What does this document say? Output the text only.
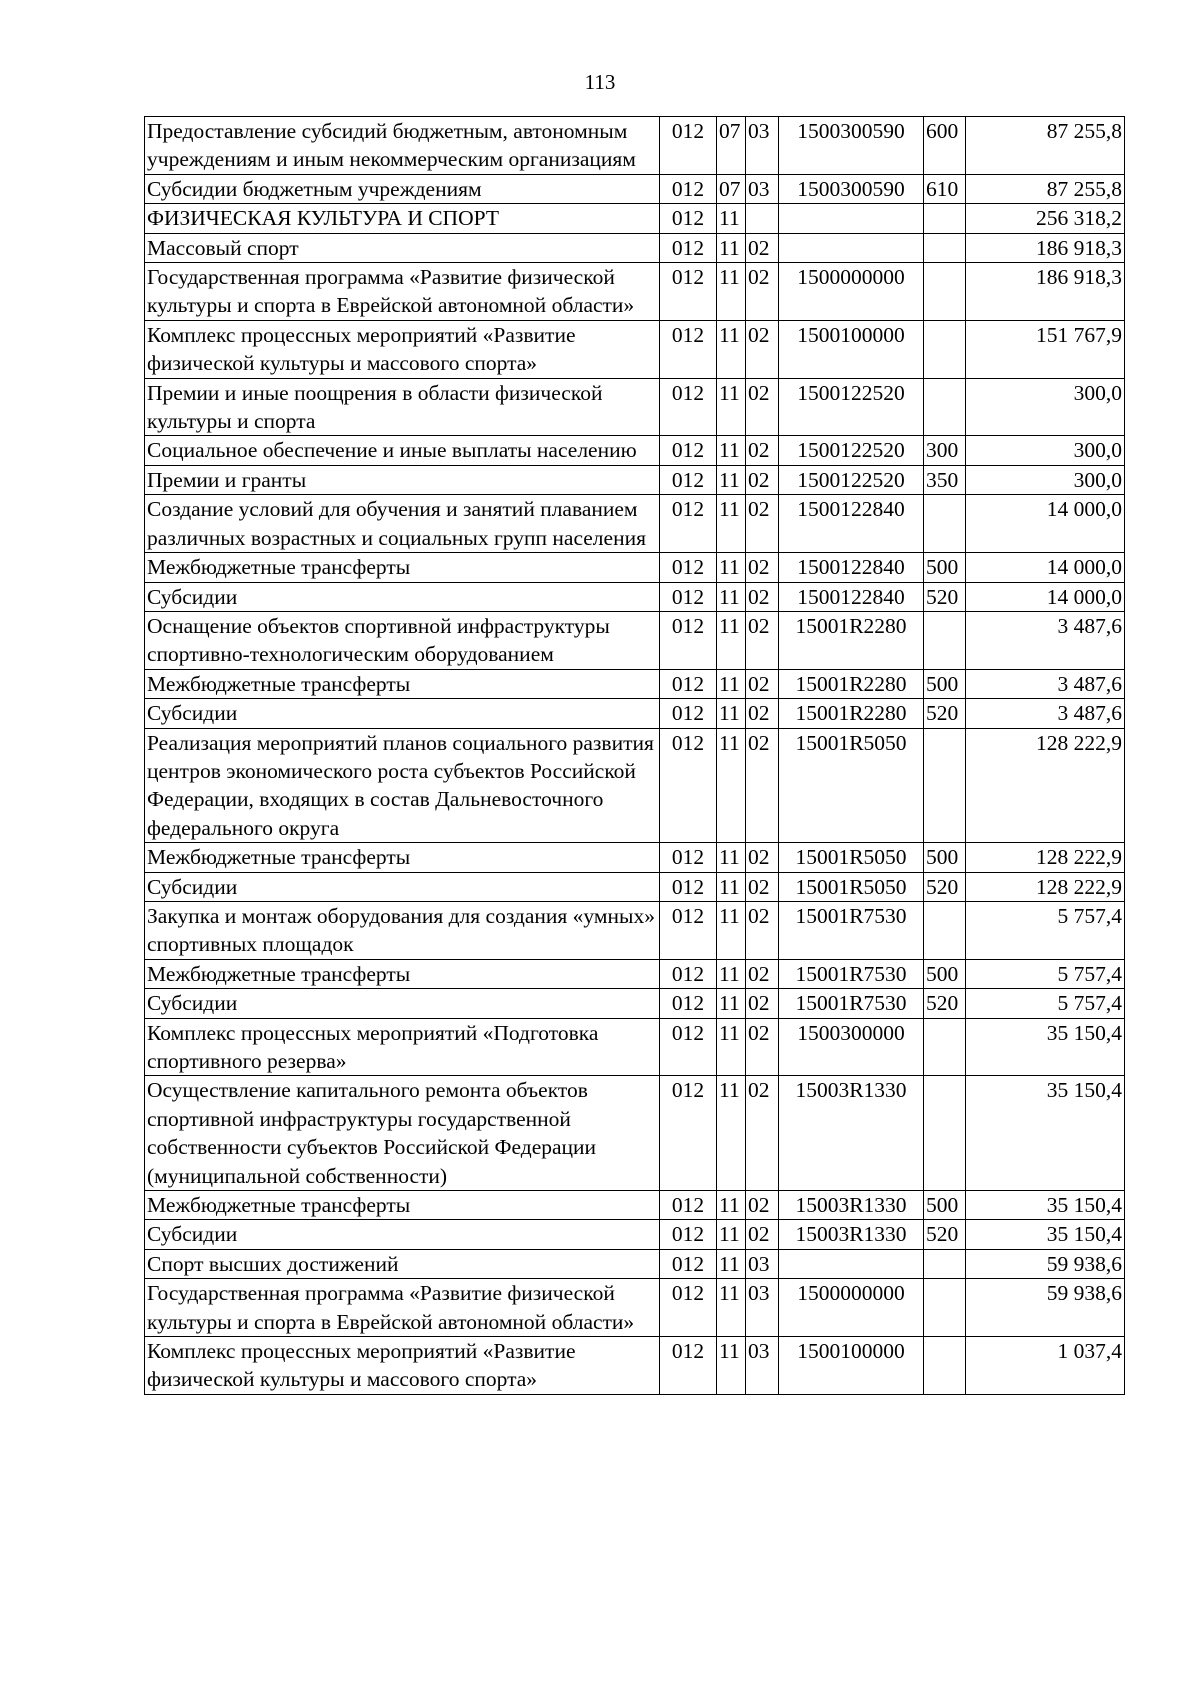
113
Предоставление субсидий бюджетным, автономным учреждениям и иным некоммерческим организациям	012	07	03	1500300590	600	87 255,8
Субсидии бюджетным учреждениям	012	07	03	1500300590	610	87 255,8
ФИЗИЧЕСКАЯ КУЛЬТУРА И СПОРТ	012	11				256 318,2
Массовый спорт	012	11	02			186 918,3
Государственная программа «Развитие физической культуры и спорта в Еврейской автономной области»	012	11	02	1500000000		186 918,3
Комплекс процессных мероприятий «Развитие физической культуры и массового спорта»	012	11	02	1500100000		151 767,9
Премии и иные поощрения в области физической культуры и спорта	012	11	02	1500122520		300,0
Социальное обеспечение и иные выплаты населению	012	11	02	1500122520	300	300,0
Премии и гранты	012	11	02	1500122520	350	300,0
Создание условий для обучения и занятий плаванием различных возрастных и социальных групп населения	012	11	02	1500122840		14 000,0
Межбюджетные трансферты	012	11	02	1500122840	500	14 000,0
Субсидии	012	11	02	1500122840	520	14 000,0
Оснащение объектов спортивной инфраструктуры спортивно-технологическим оборудованием	012	11	02	15001R2280		3 487,6
Межбюджетные трансферты	012	11	02	15001R2280	500	3 487,6
Субсидии	012	11	02	15001R2280	520	3 487,6
Реализация мероприятий планов социального развития центров экономического роста субъектов Российской Федерации, входящих в состав Дальневосточного федерального округа	012	11	02	15001R5050		128 222,9
Межбюджетные трансферты	012	11	02	15001R5050	500	128 222,9
Субсидии	012	11	02	15001R5050	520	128 222,9
Закупка и монтаж оборудования для создания «умных» спортивных площадок	012	11	02	15001R7530		5 757,4
Межбюджетные трансферты	012	11	02	15001R7530	500	5 757,4
Субсидии	012	11	02	15001R7530	520	5 757,4
Комплекс процессных мероприятий «Подготовка спортивного резерва»	012	11	02	1500300000		35 150,4
Осуществление капитального ремонта объектов спортивной инфраструктуры государственной собственности субъектов Российской Федерации (муниципальной собственности)	012	11	02	15003R1330		35 150,4
Межбюджетные трансферты	012	11	02	15003R1330	500	35 150,4
Субсидии	012	11	02	15003R1330	520	35 150,4
Спорт высших достижений	012	11	03			59 938,6
Государственная программа «Развитие физической культуры и спорта в Еврейской автономной области»	012	11	03	1500000000		59 938,6
Комплекс процессных мероприятий «Развитие физической культуры и массового спорта»	012	11	03	1500100000		1 037,4
